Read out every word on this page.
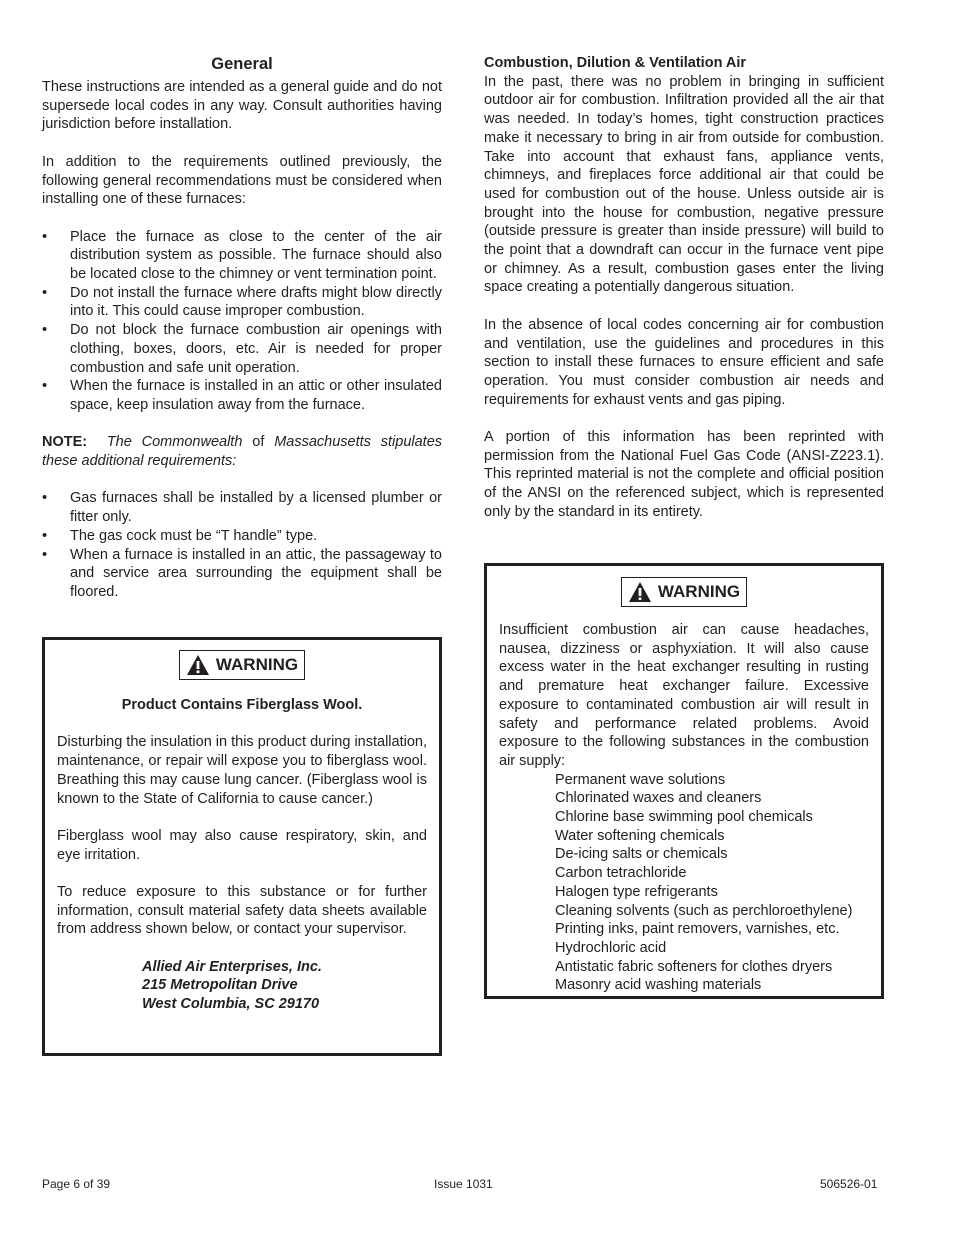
General

These instructions are intended as a general guide and do not supersede local codes in any way. Consult authorities having jurisdiction before installation.

In addition to the requirements outlined previously, the following general recommendations must be considered when installing one of these furnaces:

• Place the furnace as close to the center of the air distribution system as possible. The furnace should also be located close to the chimney or vent termination point.
• Do not install the furnace where drafts might blow directly into it. This could cause improper combustion.
• Do not block the furnace combustion air openings with clothing, boxes, doors, etc. Air is needed for proper combustion and safe unit operation.
• When the furnace is installed in an attic or other insulated space, keep insulation away from the furnace.

NOTE: The Commonwealth of Massachusetts stipulates these additional requirements:

• Gas furnaces shall be installed by a licensed plumber or fitter only.
• The gas cock must be “T handle” type.
• When a furnace is installed in an attic, the passageway to and service area surrounding the equipment shall be floored.
WARNING

Product Contains Fiberglass Wool.

Disturbing the insulation in this product during installation, maintenance, or repair will expose you to fiberglass wool. Breathing this may cause lung cancer. (Fiberglass wool is known to the State of California to cause cancer.)

Fiberglass wool may also cause respiratory, skin, and eye irritation.

To reduce exposure to this substance or for further information, consult material safety data sheets available from address shown below, or contact your supervisor.

Allied Air Enterprises, Inc.
215 Metropolitan Drive
West Columbia, SC 29170
Combustion, Dilution & Ventilation Air

In the past, there was no problem in bringing in sufficient outdoor air for combustion. Infiltration provided all the air that was needed. In today’s homes, tight construction practices make it necessary to bring in air from outside for combustion. Take into account that exhaust fans, appliance vents, chimneys, and fireplaces force additional air that could be used for combustion out of the house. Unless outside air is brought into the house for combustion, negative pressure (outside pressure is greater than inside pressure) will build to the point that a downdraft can occur in the furnace vent pipe or chimney. As a result, combustion gases enter the living space creating a potentially dangerous situation.

In the absence of local codes concerning air for combustion and ventilation, use the guidelines and procedures in this section to install these furnaces to ensure efficient and safe operation. You must consider combustion air needs and requirements for exhaust vents and gas piping.

A portion of this information has been reprinted with permission from the National Fuel Gas Code (ANSI-Z223.1). This reprinted material is not the complete and official position of the ANSI on the referenced subject, which is represented only by the standard in its entirety.

WARNING

Insufficient combustion air can cause headaches, nausea, dizziness or asphyxiation. It will also cause excess water in the heat exchanger resulting in rusting and premature heat exchanger failure. Excessive exposure to contaminated combustion air will result in safety and performance related problems. Avoid exposure to the following substances in the combustion air supply:

Permanent wave solutions
Chlorinated waxes and cleaners
Chlorine base swimming pool chemicals
Water softening chemicals
De-icing salts or chemicals
Carbon tetrachloride
Halogen type refrigerants
Cleaning solvents (such as perchloroethylene)
Printing inks, paint removers, varnishes, etc.
Hydrochloric acid
Antistatic fabric softeners for clothes dryers
Masonry acid washing materials
Page 6 of 39	Issue 1031	506526-01
